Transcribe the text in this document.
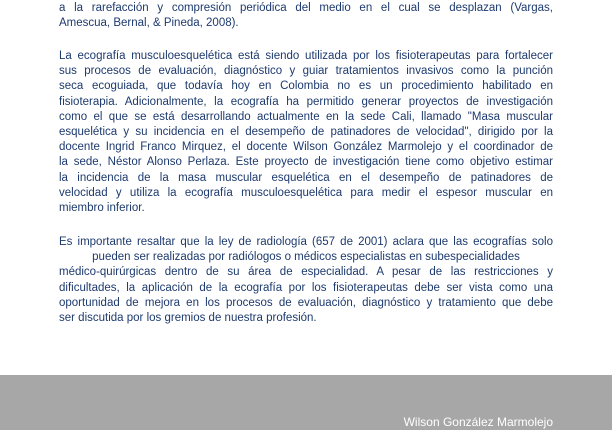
a la rarefacción y compresión periódica del medio en el cual se desplazan (Vargas,
Amescua, Bernal, & Pineda, 2008).
La ecografía musculoesquelética está siendo utilizada por los fisioterapeutas para fortalecer
sus procesos de evaluación, diagnóstico y guiar tratamientos invasivos como la punción
seca ecoguiada, que todavía hoy en Colombia no es un procedimiento habilitado en
fisioterapia. Adicionalmente, la ecografía ha permitido generar proyectos de investigación
como el que se está desarrollando actualmente en la sede Cali, llamado "Masa muscular
esquelética y su incidencia en el desempeño de patinadores de velocidad", dirigido por la
docente Ingrid Franco Mirquez, el docente Wilson González Marmolejo y el coordinador de
la sede, Néstor Alonso Perlaza. Este proyecto de investigación tiene como objetivo estimar
la incidencia de la masa muscular esquelética en el desempeño de patinadores de
velocidad y utiliza la ecografía musculoesquelética para medir el espesor muscular en
miembro inferior.
Es importante resaltar que la ley de radiología (657 de 2001) aclara que las ecografías solo
pueden ser realizadas por radiólogos o médicos especialistas en subespecialidades
médico-quirúrgicas dentro de su área de especialidad. A pesar de las restricciones y
dificultades, la aplicación de la ecografía por los fisioterapeutas debe ser vista como una
oportunidad de mejora en los procesos de evaluación, diagnóstico y tratamiento que debe
ser discutida por los gremios de nuestra profesión.
Wilson González Marmolejo
